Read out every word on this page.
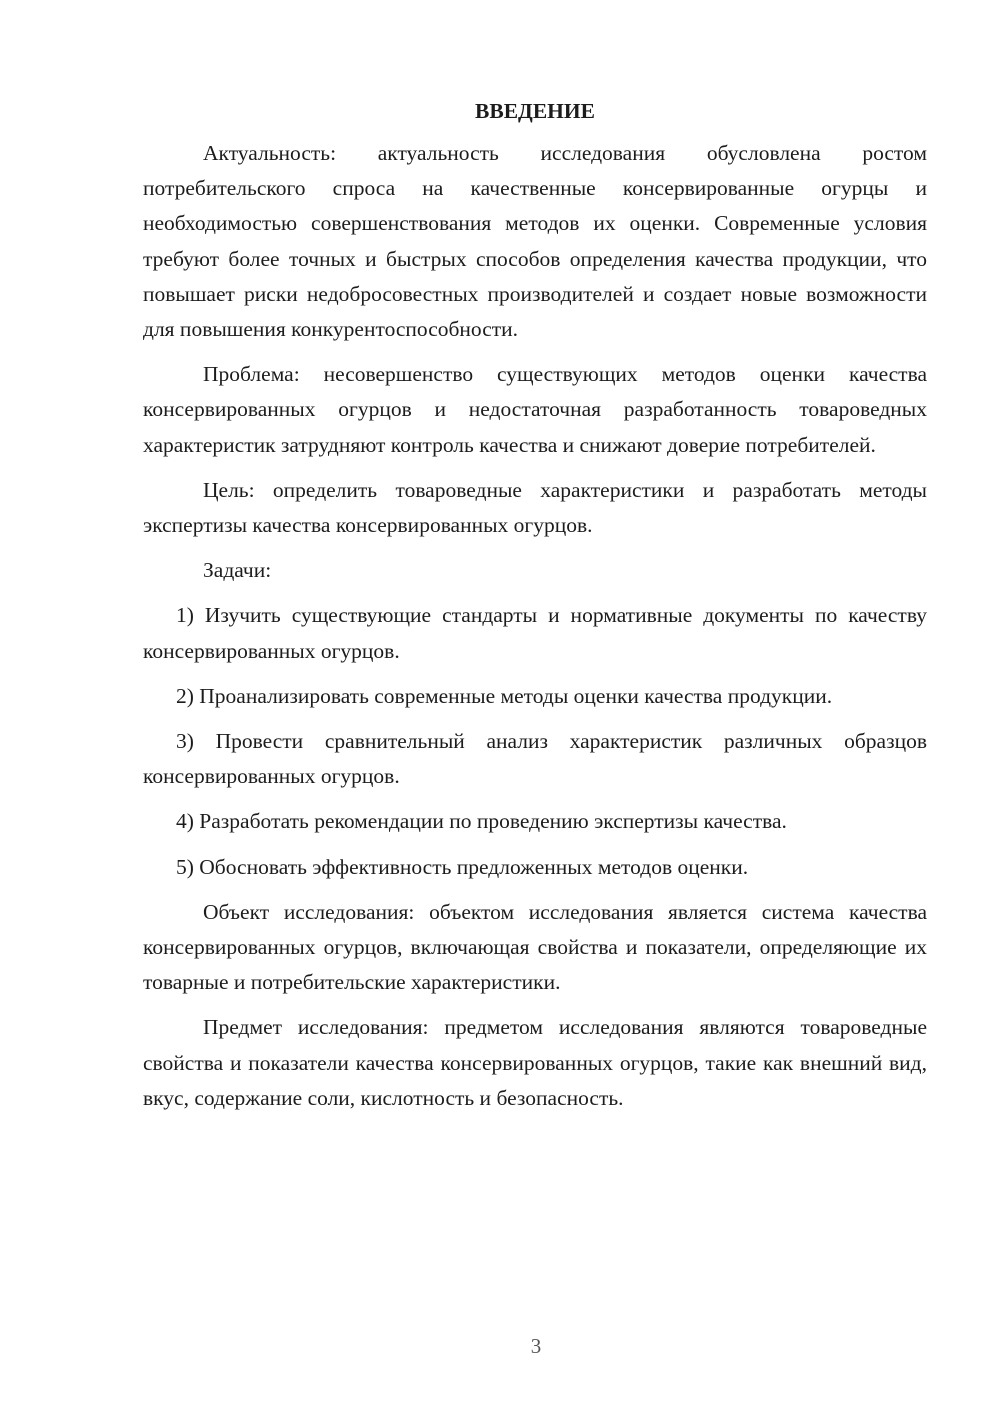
ВВЕДЕНИЕ

Актуальность: актуальность исследования обусловлена ростом потребительского спроса на качественные консервированные огурцы и необходимостью совершенствования методов их оценки. Современные условия требуют более точных и быстрых способов определения качества продукции, что повышает риски недобросовестных производителей и создает новые возможности для повышения конкурентоспособности.

Проблема: несовершенство существующих методов оценки качества консервированных огурцов и недостаточная разработанность товароведных характеристик затрудняют контроль качества и снижают доверие потребителей.

Цель: определить товароведные характеристики и разработать методы экспертизы качества консервированных огурцов.

Задачи:

1) Изучить существующие стандарты и нормативные документы по качеству консервированных огурцов.

2) Проанализировать современные методы оценки качества продукции.

3) Провести сравнительный анализ характеристик различных образцов консервированных огурцов.

4) Разработать рекомендации по проведению экспертизы качества.

5) Обосновать эффективность предложенных методов оценки.

Объект исследования: объектом исследования является система качества консервированных огурцов, включающая свойства и показатели, определяющие их товарные и потребительские характеристики.

Предмет исследования: предметом исследования являются товароведные свойства и показатели качества консервированных огурцов, такие как внешний вид, вкус, содержание соли, кислотность и безопасность.

3
